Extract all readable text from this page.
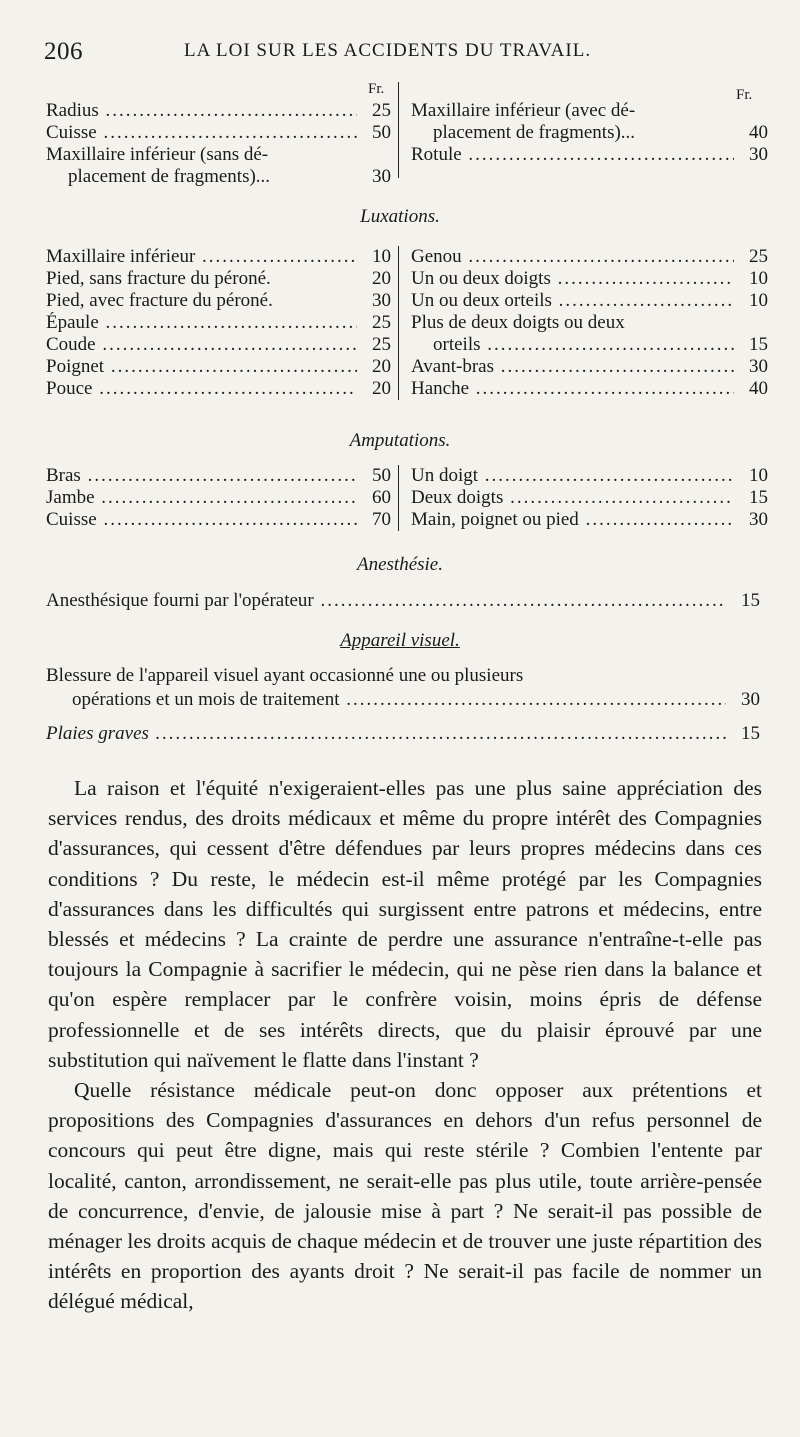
206	LA LOI SUR LES ACCIDENTS DU TRAVAIL.
Fr.	Fr.
Radius .....	25
Cuisse .....	50
Maxillaire inférieur (sans dé-
placement de fragments)...	30
Maxillaire inférieur (avec dé-
placement de fragments)...	40
Rotule .....	30
Luxations.
Maxillaire inférieur .....	10
Pied, sans fracture du péroné.	20
Pied, avec fracture du péroné.	30
Épaule .....	25
Coude .....	25
Poignet .....	20
Pouce .....	20
Genou .....	25
Un ou deux doigts .....	10
Un ou deux orteils .....	10
Plus de deux doigts ou deux
orteils .....	15
Avant-bras .....	30
Hanche .....	40
Amputations.
Bras .....	50
Jambe .....	60
Cuisse .....	70
Un doigt .....	10
Deux doigts .....	15
Main, poignet ou pied .....	30
Anesthésie.
Anesthésique fourni par l'opérateur .....	15
Appareil visuel.
Blessure de l'appareil visuel ayant occasionné une ou plusieurs
opérations et un mois de traitement .....	30
Plaies graves .....	15

La raison et l'équité n'exigeraient-elles pas une plus saine appréciation des services rendus, des droits médicaux et même du propre intérêt des Compagnies d'assurances, qui cessent d'être défendues par leurs propres médecins dans ces conditions ? Du reste, le médecin est-il même protégé par les Compagnies d'assurances dans les difficultés qui surgissent entre patrons et médecins, entre blessés et médecins ? La crainte de perdre une assurance n'entraîne-t-elle pas toujours la Compagnie à sacrifier le médecin, qui ne pèse rien dans la balance et qu'on espère remplacer par le confrère voisin, moins épris de défense professionnelle et de ses intérêts directs, que du plaisir éprouvé par une substitution qui naïvement le flatte dans l'instant ?

Quelle résistance médicale peut-on donc opposer aux prétentions et propositions des Compagnies d'assurances en dehors d'un refus personnel de concours qui peut être digne, mais qui reste stérile ? Combien l'entente par localité, canton, arrondissement, ne serait-elle pas plus utile, toute arrière-pensée de concurrence, d'envie, de jalousie mise à part ? Ne serait-il pas possible de ménager les droits acquis de chaque médecin et de trouver une juste répartition des intérêts en proportion des ayants droit ? Ne serait-il pas facile de nommer un délégué médical,
